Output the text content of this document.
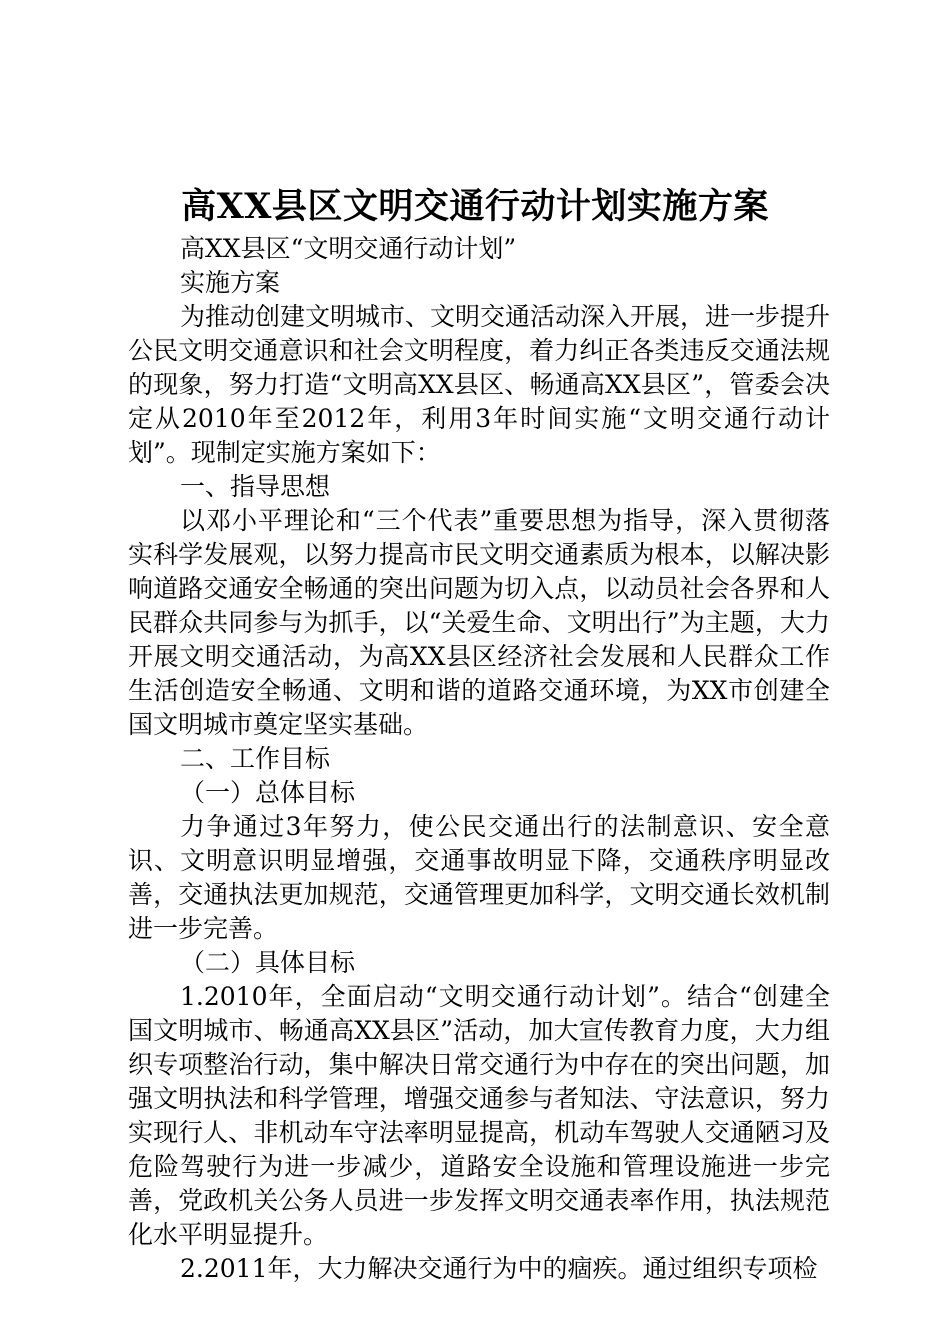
高XX县区文明交通行动计划实施方案

高XX县区“文明交通行动计划”

实施方案

为推动创建文明城市、文明交通活动深入开展，进一步提升公民文明交通意识和社会文明程度，着力纠正各类违反交通法规的现象，努力打造“文明高XX县区、畅通高XX县区”，管委会决定从2010年至2012年，利用3年时间实施“文明交通行动计划”。现制定实施方案如下：

一、指导思想

以邓小平理论和“三个代表”重要思想为指导，深入贯彻落实科学发展观，以努力提高市民文明交通素质为根本，以解决影响道路交通安全畅通的突出问题为切入点，以动员社会各界和人民群众共同参与为抓手，以“关爱生命、文明出行”为主题，大力开展文明交通活动，为高XX县区经济社会发展和人民群众工作生活创造安全畅通、文明和谐的道路交通环境，为XX市创建全国文明城市奠定坚实基础。

二、工作目标

（一）总体目标

力争通过3年努力，使公民交通出行的法制意识、安全意识、文明意识明显增强，交通事故明显下降，交通秩序明显改善，交通执法更加规范，交通管理更加科学，文明交通长效机制进一步完善。

（二）具体目标

1.2010年，全面启动“文明交通行动计划”。结合“创建全国文明城市、畅通高XX县区”活动，加大宣传教育力度，大力组织专项整治行动，集中解决日常交通行为中存在的突出问题，加强文明执法和科学管理，增强交通参与者知法、守法意识，努力实现行人、非机动车守法率明显提高，机动车驾驶人交通陋习及危险驾驶行为进一步减少，道路安全设施和管理设施进一步完善，党政机关公务人员进一步发挥文明交通表率作用，执法规范化水平明显提升。

2.2011年，大力解决交通行为中的痼疾。通过组织专项检
